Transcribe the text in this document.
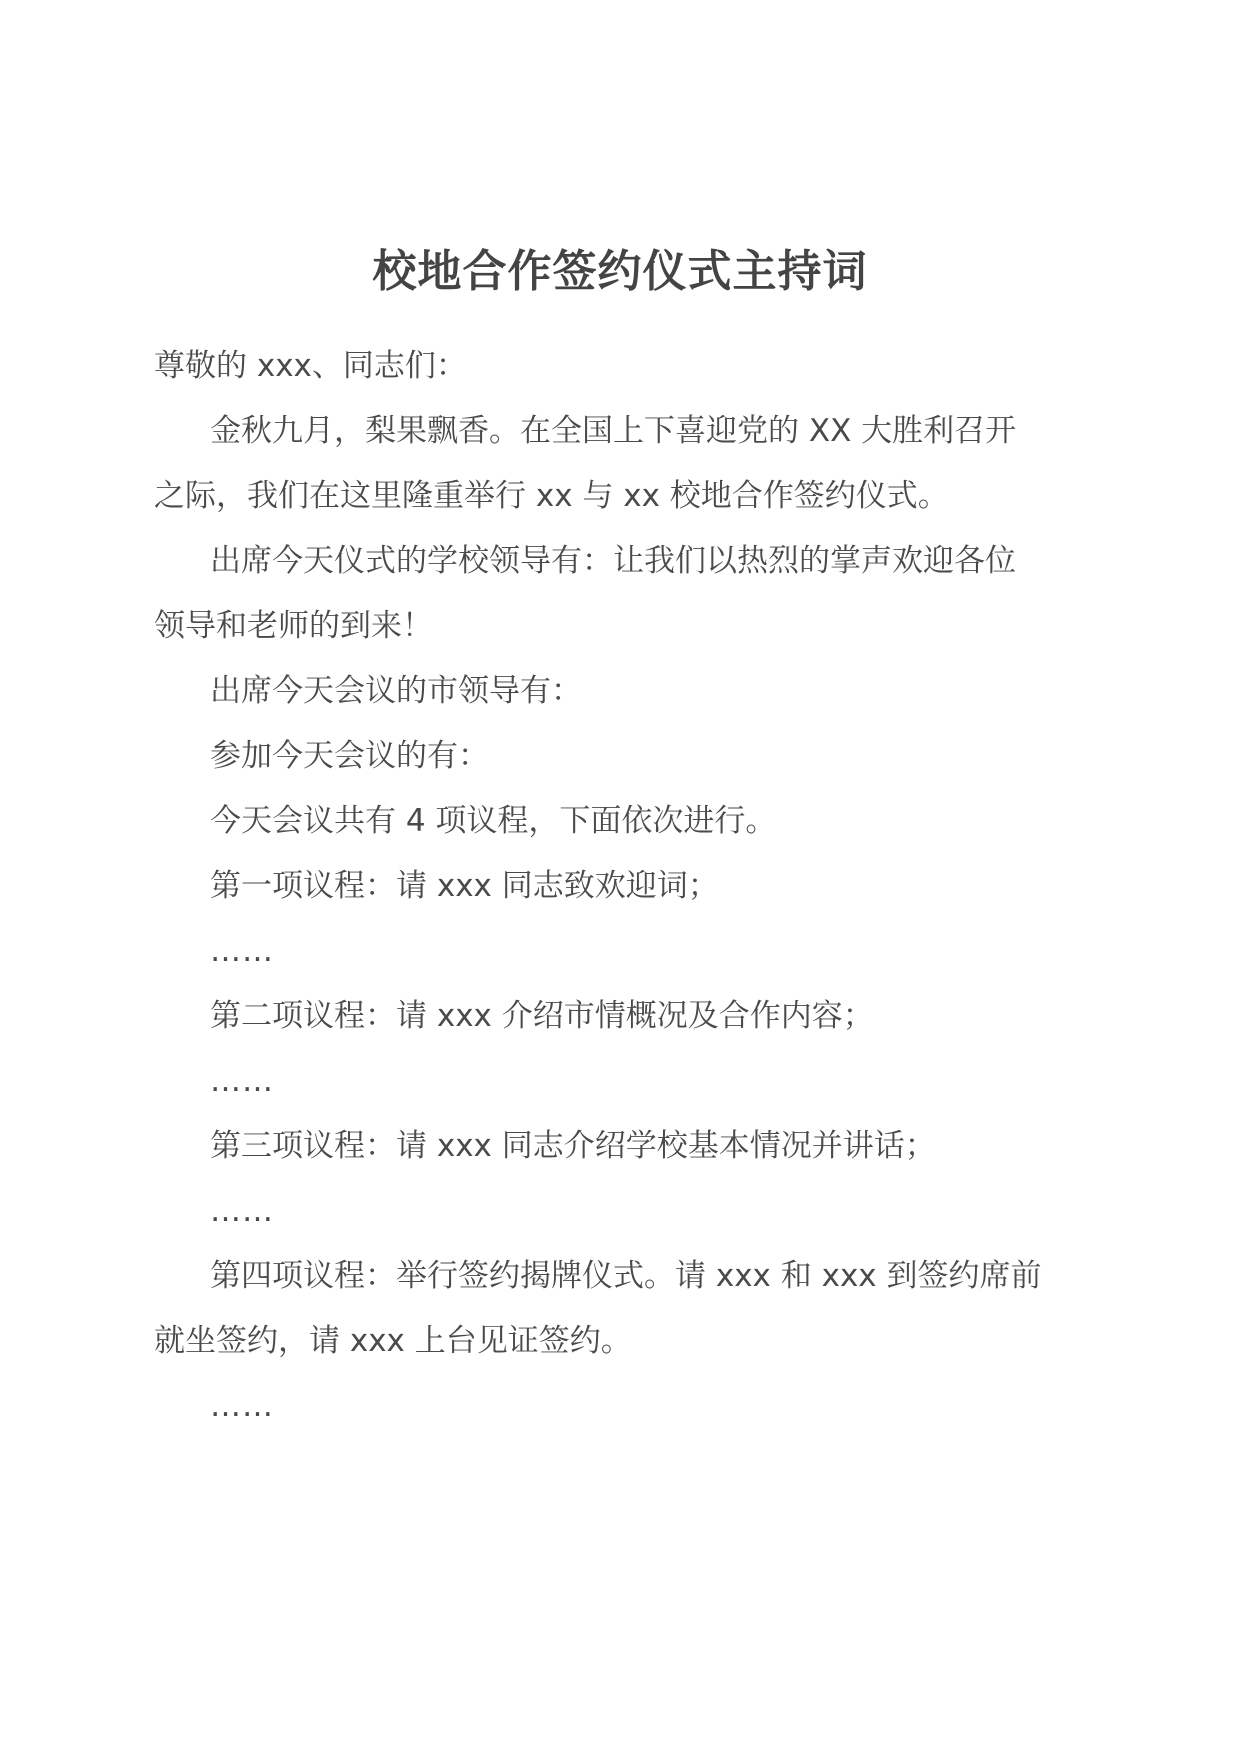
校地合作签约仪式主持词

尊敬的 xxx、同志们：

金秋九月，梨果飘香。在全国上下喜迎党的 XX 大胜利召开

之际，我们在这里隆重举行 xx 与 xx 校地合作签约仪式。

出席今天仪式的学校领导有：让我们以热烈的掌声欢迎各位

领导和老师的到来！

出席今天会议的市领导有：

参加今天会议的有：

今天会议共有 4 项议程，下面依次进行。

第一项议程：请 xxx 同志致欢迎词；

……

第二项议程：请 xxx 介绍市情概况及合作内容；

……

第三项议程：请 xxx 同志介绍学校基本情况并讲话；

……

第四项议程：举行签约揭牌仪式。请 xxx 和 xxx 到签约席前

就坐签约，请 xxx 上台见证签约。

……
